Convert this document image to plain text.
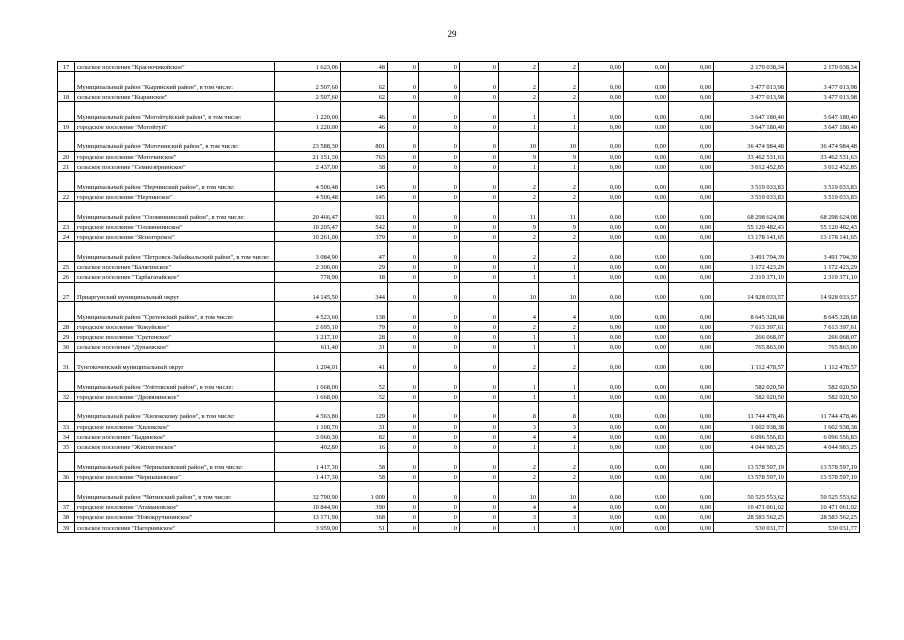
29
17	сельское поселение "Красночикойское"	1 623,06	48	0	0	0	2	2	0,00	0,00	0,00	2 170 038,34	2 170 038,34
	Муниципальный район "Кыринский район", в том числе:	2 507,60	62	0	0	0	2	2	0,00	0,00	0,00	3 477 013,98	3 477 013,98
18	сельское поселение "Кыринское"	2 507,60	62	0	0	0	2	2	0,00	0,00	0,00	3 477 013,98	3 477 013,98
	Муниципальный район "Могойтуйский район", в том числе:	1 220,00	46	0	0	0	1	1	0,00	0,00	0,00	3 647 180,40	3 647 180,40
19	городское поселение "Могойтуй"	1 220,00	46	0	0	0	1	1	0,00	0,00	0,00	3 647 180,40	3 647 180,40
	Муниципальный район "Могочинский район", в том числе:	23 588,30	801	0	0	0	10	10	0,00	0,00	0,00	36 474 984,48	36 474 984,48
20	городское поселение "Могочинское"	21 151,30	763	0	0	0	9	9	0,00	0,00	0,00	33 462 531,63	33 462 531,63
21	сельское поселение "Семиозёрнинское"	2 437,00	38	0	0	0	1	1	0,00	0,00	0,00	3 012 452,85	3 012 452,85
	Муниципальный район "Нерчинский район", в том числе:	4 506,48	145	0	0	0	2	2	0,00	0,00	0,00	3 519 033,83	3 519 033,83
22	городское поселение "Нерчинское"	4 506,48	145	0	0	0	2	2	0,00	0,00	0,00	3 519 033,83	3 519 033,83
	Муниципальный район "Оловяннинский район", в том числе:	20 466,47	921	0	0	0	11	11	0,00	0,00	0,00	68 298 624,08	68 298 624,08
23	городское поселение "Оловяннинское"	10 205,47	542	0	0	0	9	9	0,00	0,00	0,00	55 120 482,43	55 120 482,43
24	городское поселение "Ясногорское"	10 261,00	379	0	0	0	2	2	0,00	0,00	0,00	13 178 141,65	13 178 141,65
	Муниципальный район "Петровск-Забайкальский район", в том числе:	3 084,90	47	0	0	0	2	2	0,00	0,00	0,00	3 491 794,39	3 491 794,39
25	сельское поселение "Балягинское"	2 306,00	29	0	0	0	1	1	0,00	0,00	0,00	1 172 423,29	1 172 423,29
26	сельское поселение "Тарбагатайское"	778,90	18	0	0	0	1	1	0,00	0,00	0,00	2 319 371,10	2 319 371,10
27	Приаргунский муниципальный округ	14 145,50	344	0	0	0	10	10	0,00	0,00	0,00	14 928 033,57	14 928 033,57
	Муниципальный район "Сретенский район", в том числе:	4 523,60	138	0	0	0	4	4	0,00	0,00	0,00	8 645 328,68	8 645 328,68
28	городское поселение "Кокуйское"	2 695,10	79	0	0	0	2	2	0,00	0,00	0,00	7 613 397,61	7 613 397,61
29	городское поселение "Сретенское"	1 217,10	28	0	0	0	1	1	0,00	0,00	0,00	266 068,07	266 068,07
30	сельское поселение "Дунаевское"	611,40	31	0	0	0	1	1	0,00	0,00	0,00	765 863,00	765 863,00
31	Тунгокоченский муниципальный округ	1 204,01	41	0	0	0	2	2	0,00	0,00	0,00	1 112 478,57	1 112 478,57
	Муниципальный район "Улётовский район", в том числе:	1 668,00	52	0	0	0	1	1	0,00	0,00	0,00	582 020,50	582 020,50
32	городское поселение "Дровянинское"	1 668,00	52	0	0	0	1	1	0,00	0,00	0,00	582 020,50	582 020,50
	Муниципальный район "Хилокскому район", в том числе:	4 563,80	129	0	0	0	8	8	0,00	0,00	0,00	11 744 478,46	11 744 478,46
33	городское поселение "Хилокское"	1 100,70	31	0	0	0	3	3	0,00	0,00	0,00	1 602 938,38	1 602 938,38
34	сельское поселение "Бадинское"	3 060,30	82	0	0	0	4	4	0,00	0,00	0,00	6 096 556,83	6 096 556,83
35	сельское поселение "Жипхегенское"	402,80	16	0	0	0	1	1	0,00	0,00	0,00	4 044 983,25	4 044 983,25
	Муниципальный район "Чернышевский район", в том числе:	1 417,30	58	0	0	0	2	2	0,00	0,00	0,00	13 578 597,19	13 578 597,19
36	городское поселение "Чернышевское"	1 417,30	58	0	0	0	2	2	0,00	0,00	0,00	13 578 597,19	13 578 597,19
	Муниципальный район "Читинский район", в том числе:	32 790,90	1 009	0	0	0	10	10	0,00	0,00	0,00	50 525 553,62	50 525 553,62
37	городское поселение "Атамановское"	10 844,90	390	0	0	0	4	4	0,00	0,00	0,00	10 471 061,02	10 471 061,02
38	городское поселение "Новокручининское"	13 171,90	368	0	0	0	3	3	0,00	0,00	0,00	28 583 562,25	28 583 562,25
39	сельское поселение "Нагорнинское"	3 959,00	51	0	0	0	1	1	0,00	0,00	0,00	530 031,77	530 031,77
